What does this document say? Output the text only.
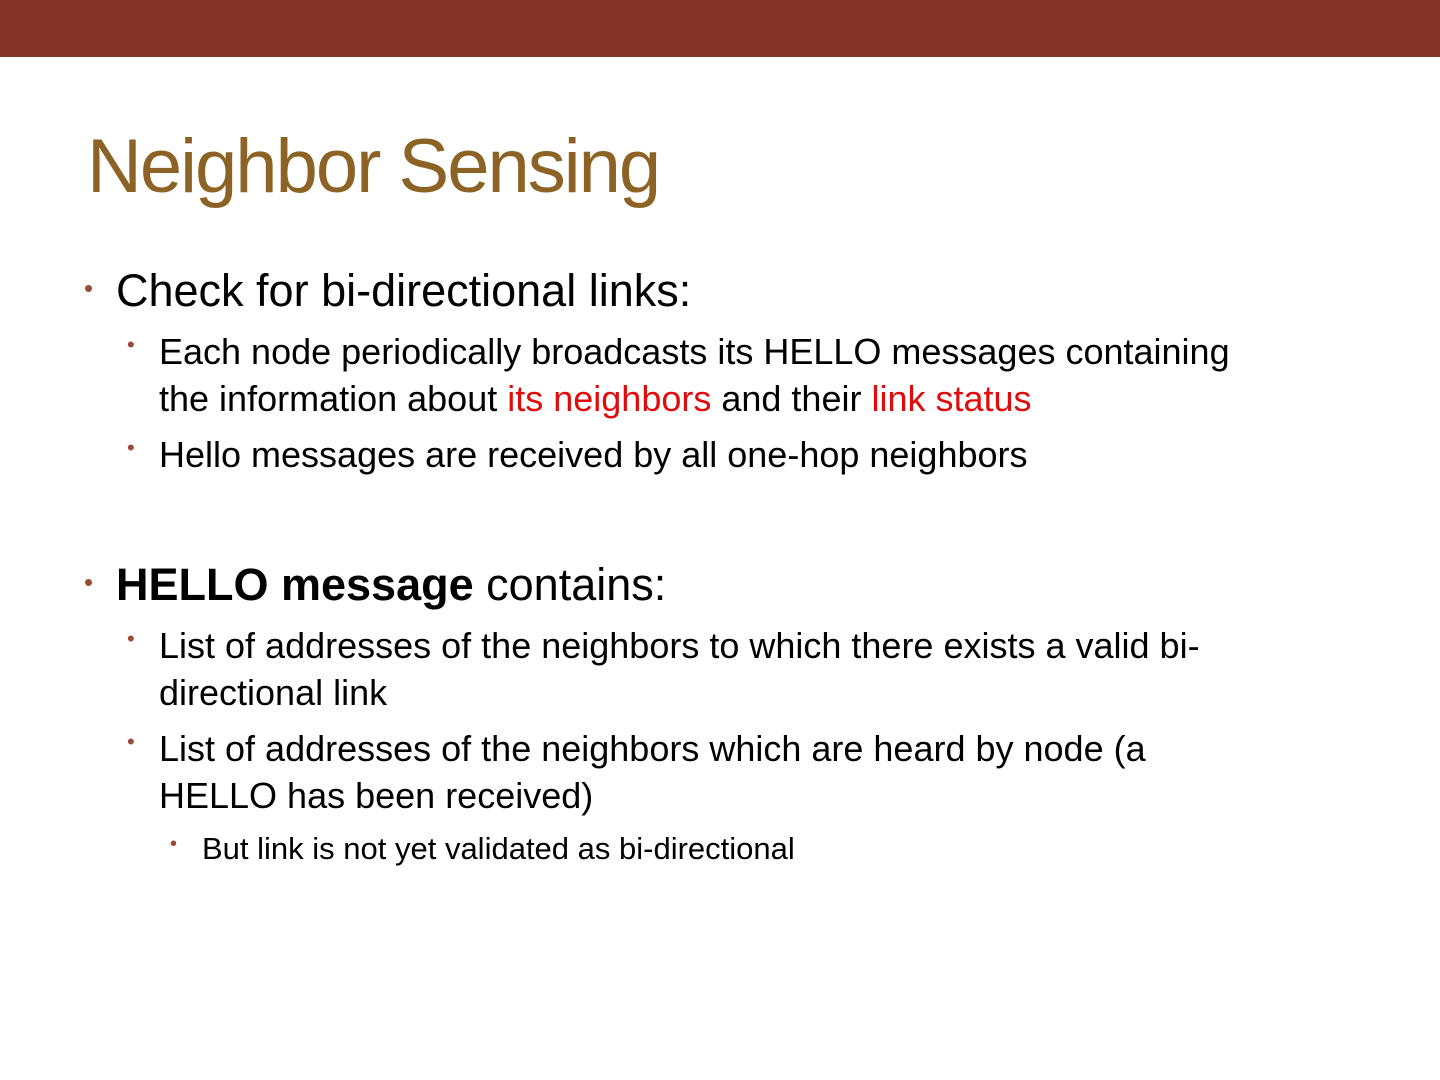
Neighbor Sensing
• Check for bi-directional links:
• Each node periodically broadcasts its HELLO messages containing
the information about its neighbors and their link status
• Hello messages are received by all one-hop neighbors
• HELLO message contains:
• List of addresses of the neighbors to which there exists a valid bi-
directional link
• List of addresses of the neighbors which are heard by node (a
HELLO has been received)
• But link is not yet validated as bi-directional
